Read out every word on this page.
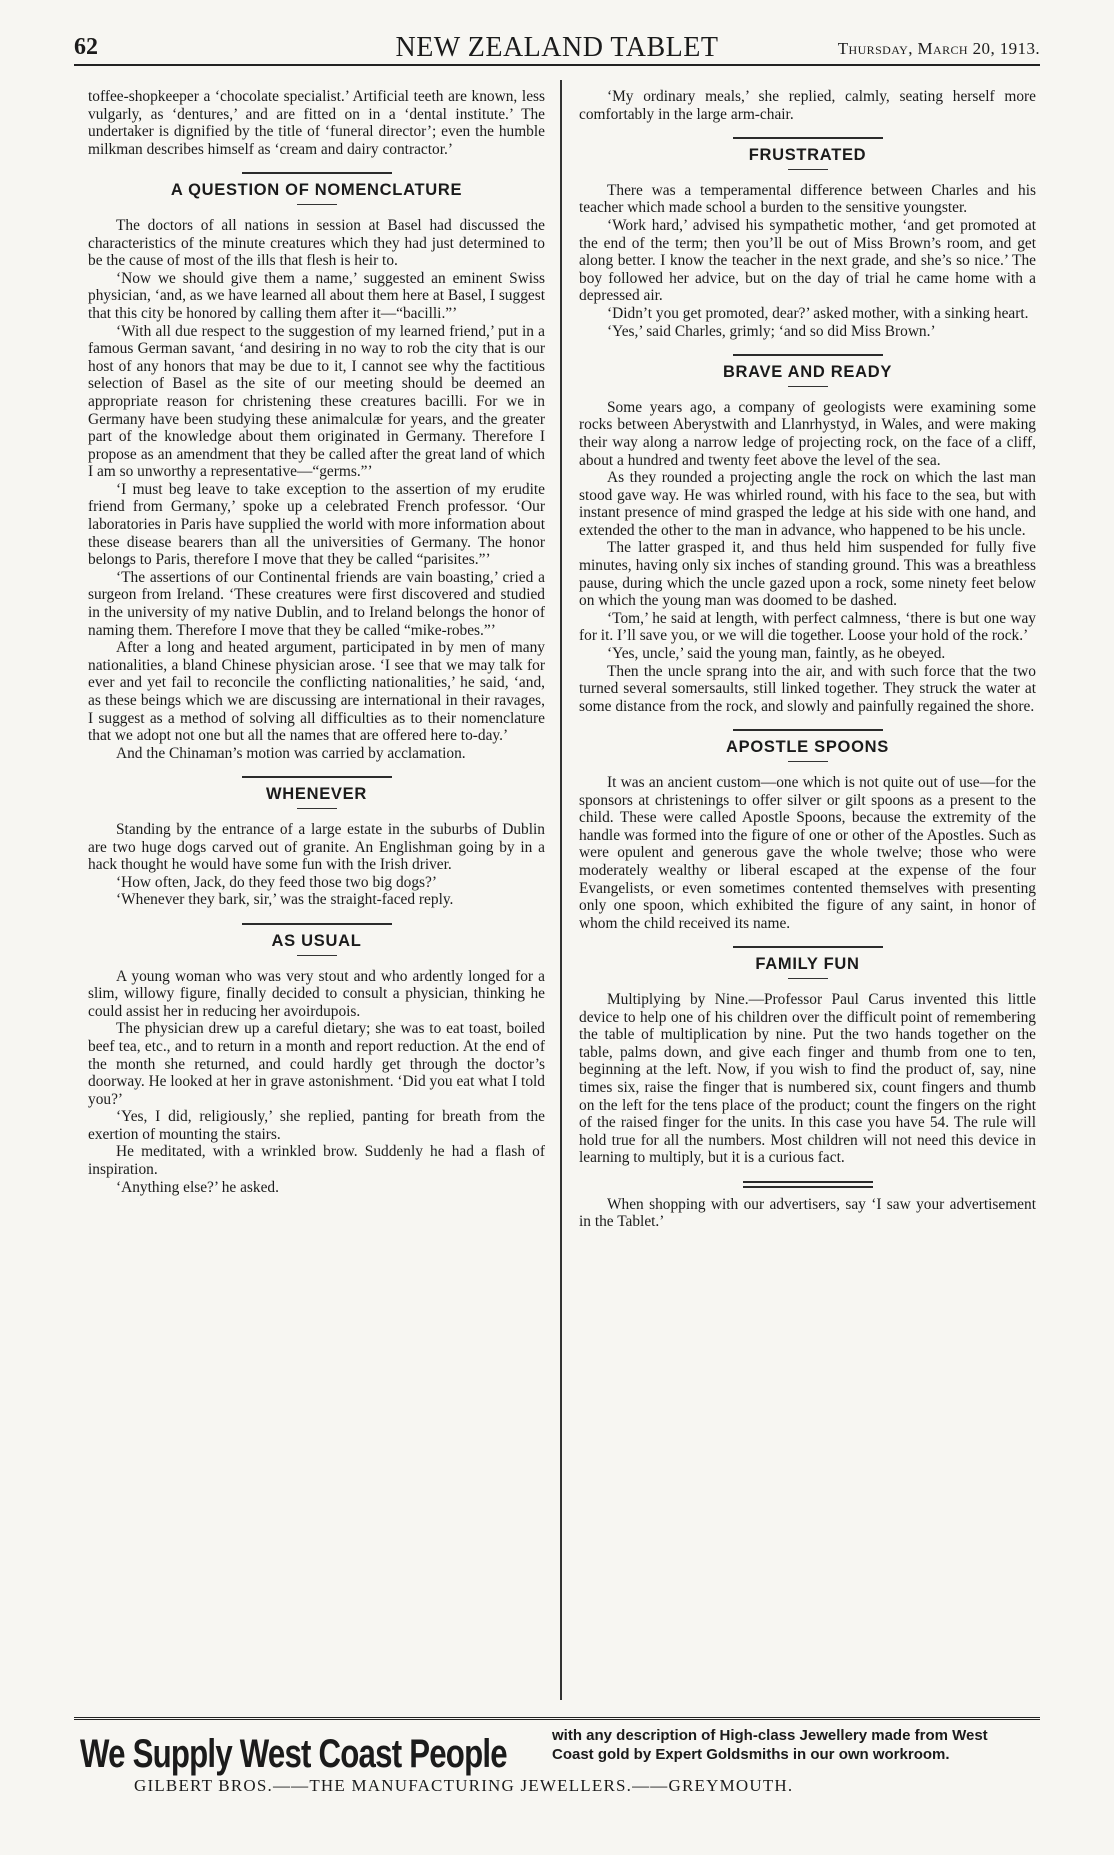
62	NEW ZEALAND TABLET	Thursday, March 20, 1913.

toffee-shopkeeper a ‘chocolate specialist.’ Artificial teeth are known, less vulgarly, as ‘dentures,’ and are fitted on in a ‘dental institute.’ The undertaker is dignified by the title of ‘funeral director’; even the humble milkman describes himself as ‘cream and dairy contractor.’

A QUESTION OF NOMENCLATURE

The doctors of all nations in session at Basel had discussed the characteristics of the minute creatures which they had just determined to be the cause of most of the ills that flesh is heir to.

‘Now we should give them a name,’ suggested an eminent Swiss physician, ‘and, as we have learned all about them here at Basel, I suggest that this city be honored by calling them after it—“bacilli.”’

‘With all due respect to the suggestion of my learned friend,’ put in a famous German savant, ‘and desiring in no way to rob the city that is our host of any honors that may be due to it, I cannot see why the factitious selection of Basel as the site of our meeting should be deemed an appropriate reason for christening these creatures bacilli. For we in Germany have been studying these animalculæ for years, and the greater part of the knowledge about them originated in Germany. Therefore I propose as an amendment that they be called after the great land of which I am so unworthy a representative—“germs.”’

‘I must beg leave to take exception to the assertion of my erudite friend from Germany,’ spoke up a celebrated French professor. ‘Our laboratories in Paris have supplied the world with more information about these disease bearers than all the universities of Germany. The honor belongs to Paris, therefore I move that they be called “parisites.”’

‘The assertions of our Continental friends are vain boasting,’ cried a surgeon from Ireland. ‘These creatures were first discovered and studied in the university of my native Dublin, and to Ireland belongs the honor of naming them. Therefore I move that they be called “mike-robes.”’

After a long and heated argument, participated in by men of many nationalities, a bland Chinese physician arose. ‘I see that we may talk for ever and yet fail to reconcile the conflicting nationalities,’ he said, ‘and, as these beings which we are discussing are international in their ravages, I suggest as a method of solving all difficulties as to their nomenclature that we adopt not one but all the names that are offered here to-day.’

And the Chinaman’s motion was carried by acclamation.

WHENEVER

Standing by the entrance of a large estate in the suburbs of Dublin are two huge dogs carved out of granite. An Englishman going by in a hack thought he would have some fun with the Irish driver.

‘How often, Jack, do they feed those two big dogs?’

‘Whenever they bark, sir,’ was the straight-faced reply.

AS USUAL

A young woman who was very stout and who ardently longed for a slim, willowy figure, finally decided to consult a physician, thinking he could assist her in reducing her avoirdupois.

The physician drew up a careful dietary; she was to eat toast, boiled beef tea, etc., and to return in a month and report reduction. At the end of the month she returned, and could hardly get through the doctor’s doorway. He looked at her in grave astonishment. ‘Did you eat what I told you?’

‘Yes, I did, religiously,’ she replied, panting for breath from the exertion of mounting the stairs.

He meditated, with a wrinkled brow. Suddenly he had a flash of inspiration.

‘Anything else?’ he asked.

‘My ordinary meals,’ she replied, calmly, seating herself more comfortably in the large arm-chair.

FRUSTRATED

There was a temperamental difference between Charles and his teacher which made school a burden to the sensitive youngster.

‘Work hard,’ advised his sympathetic mother, ‘and get promoted at the end of the term; then you’ll be out of Miss Brown’s room, and get along better. I know the teacher in the next grade, and she’s so nice.’ The boy followed her advice, but on the day of trial he came home with a depressed air.

‘Didn’t you get promoted, dear?’ asked mother, with a sinking heart.

‘Yes,’ said Charles, grimly; ‘and so did Miss Brown.’

BRAVE AND READY

Some years ago, a company of geologists were examining some rocks between Aberystwith and Llanrhystyd, in Wales, and were making their way along a narrow ledge of projecting rock, on the face of a cliff, about a hundred and twenty feet above the level of the sea.

As they rounded a projecting angle the rock on which the last man stood gave way. He was whirled round, with his face to the sea, but with instant presence of mind grasped the ledge at his side with one hand, and extended the other to the man in advance, who happened to be his uncle.

The latter grasped it, and thus held him suspended for fully five minutes, having only six inches of standing ground. This was a breathless pause, during which the uncle gazed upon a rock, some ninety feet below on which the young man was doomed to be dashed.

‘Tom,’ he said at length, with perfect calmness, ‘there is but one way for it. I’ll save you, or we will die together. Loose your hold of the rock.’

‘Yes, uncle,’ said the young man, faintly, as he obeyed.

Then the uncle sprang into the air, and with such force that the two turned several somersaults, still linked together. They struck the water at some distance from the rock, and slowly and painfully regained the shore.

APOSTLE SPOONS

It was an ancient custom—one which is not quite out of use—for the sponsors at christenings to offer silver or gilt spoons as a present to the child. These were called Apostle Spoons, because the extremity of the handle was formed into the figure of one or other of the Apostles. Such as were opulent and generous gave the whole twelve; those who were moderately wealthy or liberal escaped at the expense of the four Evangelists, or even sometimes contented themselves with presenting only one spoon, which exhibited the figure of any saint, in honor of whom the child received its name.

FAMILY FUN

Multiplying by Nine.—Professor Paul Carus invented this little device to help one of his children over the difficult point of remembering the table of multiplication by nine. Put the two hands together on the table, palms down, and give each finger and thumb from one to ten, beginning at the left. Now, if you wish to find the product of, say, nine times six, raise the finger that is numbered six, count fingers and thumb on the left for the tens place of the product; count the fingers on the right of the raised finger for the units. In this case you have 54. The rule will hold true for all the numbers. Most children will not need this device in learning to multiply, but it is a curious fact.

When shopping with our advertisers, say ‘I saw your advertisement in the Tablet.’

We Supply West Coast People	with any description of High-class Jewellery made from West
Coast gold by Expert Goldsmiths in our own workroom.
GILBERT BROS.——THE MANUFACTURING JEWELLERS.——GREYMOUTH.
